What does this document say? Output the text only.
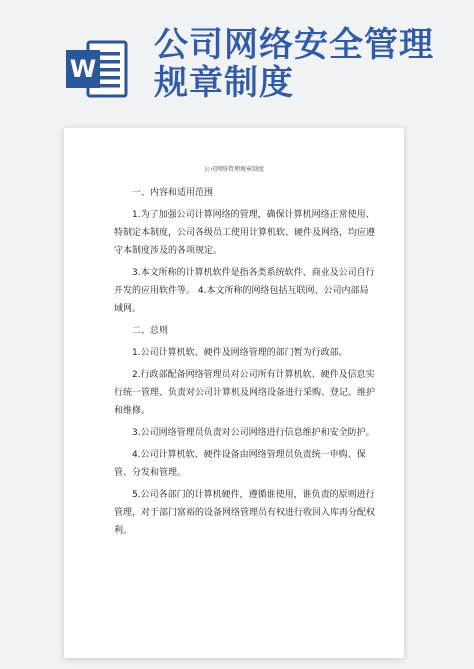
W
公司网络安全管理
规章制度
公司网络管理规章制度

一、内容和适用范围

1.为了加强公司计算网络的管理，确保计算机网络正常使用、特制定本制度，公司各级员工使用计算机软、硬件及网络，均应遵守本制度涉及的各项规定。

3.本文所称的计算机软件是指各类系统软件、商业及公司自行开发的应用软件等。 4.本文所称的网络包括互联网、公司内部局域网。

二、总则

1.公司计算机软、硬件及网络管理的部门暂为行政部。

2.行政部配备网络管理员对公司所有计算机软、硬件及信息实行统一管理、负责对公司计算机及网络设备进行采购、登记、维护和维修。

3.公司网络管理员负责对公司网络进行信息维护和安全防护。

4.公司计算机软、硬件设备由网络管理员负责统一申购、保管、分发和管理。

5.公司各部门的计算机硬件，遵循谁使用，谁负责的原则进行管理，对于部门富裕的设备网络管理员有权进行收回入库再分配权利。
